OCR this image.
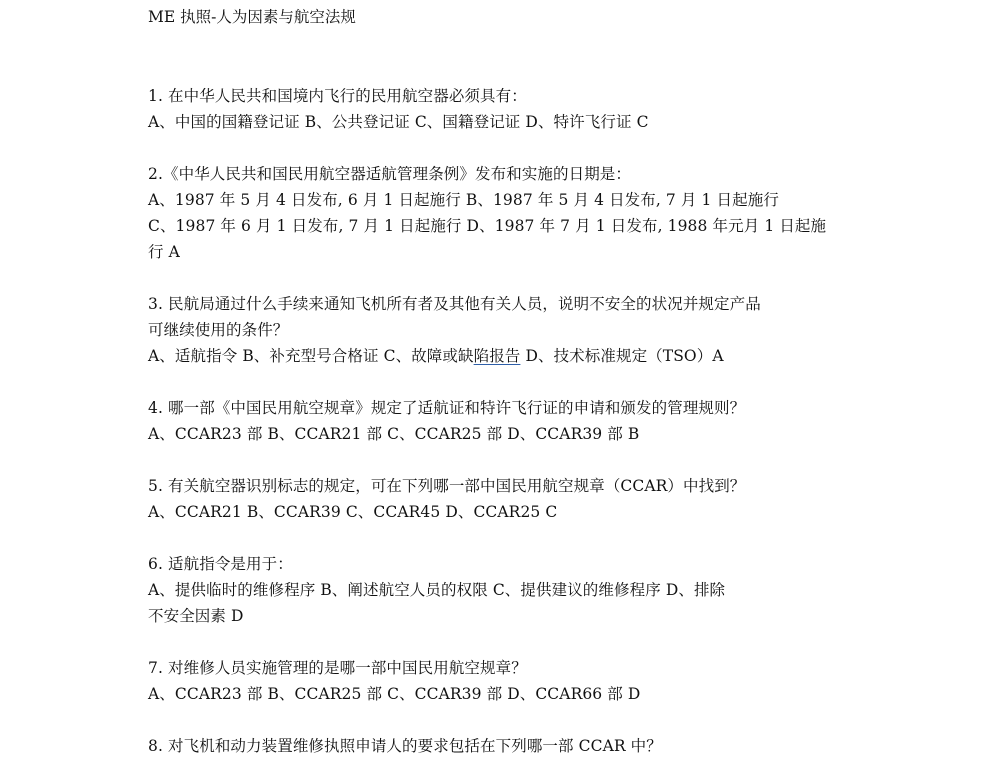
ME 执照-人为因素与航空法规
1. 在中华人民共和国境内飞行的民用航空器必须具有：
A、中国的国籍登记证 B、公共登记证 C、国籍登记证 D、特许飞行证 C
2.《中华人民共和国民用航空器适航管理条例》发布和实施的日期是：
A、1987 年 5 月 4 日发布, 6 月 1 日起施行 B、1987 年 5 月 4 日发布, 7 月 1 日起施行
C、1987 年 6 月 1 日发布, 7 月 1 日起施行 D、1987 年 7 月 1 日发布, 1988 年元月 1 日起施
行 A
3. 民航局通过什么手续来通知飞机所有者及其他有关人员，说明不安全的状况并规定产品
可继续使用的条件？
A、适航指令 B、补充型号合格证 C、故障或缺陷报告 D、技术标准规定（TSO）A
4. 哪一部《中国民用航空规章》规定了适航证和特许飞行证的申请和颁发的管理规则？
A、CCAR23 部 B、CCAR21 部 C、CCAR25 部 D、CCAR39 部 B
5. 有关航空器识别标志的规定，可在下列哪一部中国民用航空规章（CCAR）中找到？
A、CCAR21 B、CCAR39 C、CCAR45 D、CCAR25 C
6. 适航指令是用于：
A、提供临时的维修程序 B、阐述航空人员的权限 C、提供建议的维修程序 D、排除
不安全因素 D
7. 对维修人员实施管理的是哪一部中国民用航空规章？
A、CCAR23 部 B、CCAR25 部 C、CCAR39 部 D、CCAR66 部 D
8. 对飞机和动力装置维修执照申请人的要求包括在下列哪一部 CCAR 中？
